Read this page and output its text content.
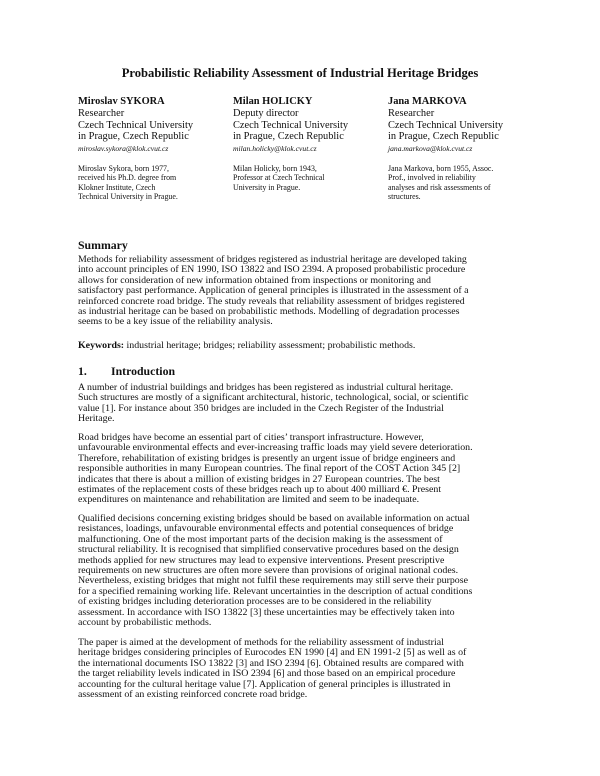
Probabilistic Reliability Assessment of Industrial Heritage Bridges
Miroslav SYKORA
Researcher
Czech Technical University
in Prague, Czech Republic
miroslav.sykora@klok.cvut.cz
Miroslav Sykora, born 1977,
received his Ph.D. degree from
Klokner Institute, Czech
Technical University in Prague.
Milan HOLICKY
Deputy director
Czech Technical University
in Prague, Czech Republic
milan.holicky@klok.cvut.cz
Milan Holicky, born 1943,
Professor at Czech Technical
University in Prague.
Jana MARKOVA
Researcher
Czech Technical University
in Prague, Czech Republic
jana.markova@klok.cvut.cz
Jana Markova, born 1955, Assoc.
Prof., involved in reliability
analyses and risk assessments of
structures.
Summary
Methods for reliability assessment of bridges registered as industrial heritage are developed taking
into account principles of EN 1990, ISO 13822 and ISO 2394. A proposed probabilistic procedure
allows for consideration of new information obtained from inspections or monitoring and
satisfactory past performance. Application of general principles is illustrated in the assessment of a
reinforced concrete road bridge. The study reveals that reliability assessment of bridges registered
as industrial heritage can be based on probabilistic methods. Modelling of degradation processes
seems to be a key issue of the reliability analysis.
Keywords: industrial heritage; bridges; reliability assessment; probabilistic methods.
1. Introduction
A number of industrial buildings and bridges has been registered as industrial cultural heritage.
Such structures are mostly of a significant architectural, historic, technological, social, or scientific
value [1]. For instance about 350 bridges are included in the Czech Register of the Industrial
Heritage.
Road bridges have become an essential part of cities’ transport infrastructure. However,
unfavourable environmental effects and ever-increasing traffic loads may yield severe deterioration.
Therefore, rehabilitation of existing bridges is presently an urgent issue of bridge engineers and
responsible authorities in many European countries. The final report of the COST Action 345 [2]
indicates that there is about a million of existing bridges in 27 European countries. The best
estimates of the replacement costs of these bridges reach up to about 400 milliard €. Present
expenditures on maintenance and rehabilitation are limited and seem to be inadequate.
Qualified decisions concerning existing bridges should be based on available information on actual
resistances, loadings, unfavourable environmental effects and potential consequences of bridge
malfunctioning. One of the most important parts of the decision making is the assessment of
structural reliability. It is recognised that simplified conservative procedures based on the design
methods applied for new structures may lead to expensive interventions. Present prescriptive
requirements on new structures are often more severe than provisions of original national codes.
Nevertheless, existing bridges that might not fulfil these requirements may still serve their purpose
for a specified remaining working life. Relevant uncertainties in the description of actual conditions
of existing bridges including deterioration processes are to be considered in the reliability
assessment. In accordance with ISO 13822 [3] these uncertainties may be effectively taken into
account by probabilistic methods.
The paper is aimed at the development of methods for the reliability assessment of industrial
heritage bridges considering principles of Eurocodes EN 1990 [4] and EN 1991-2 [5] as well as of
the international documents ISO 13822 [3] and ISO 2394 [6]. Obtained results are compared with
the target reliability levels indicated in ISO 2394 [6] and those based on an empirical procedure
accounting for the cultural heritage value [7]. Application of general principles is illustrated in
assessment of an existing reinforced concrete road bridge.
